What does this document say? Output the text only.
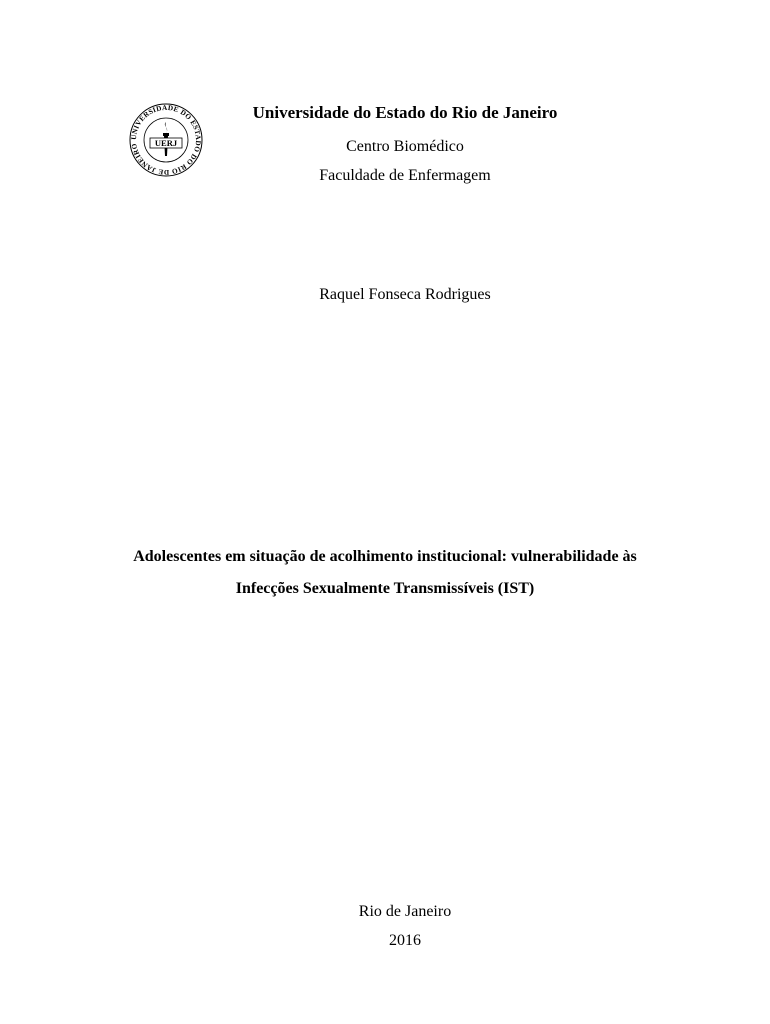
UNIVERSIDADE DO ESTADO DO RIO DE JANEIRO	UERJ
Universidade do Estado do Rio de Janeiro
Centro Biomédico
Faculdade de Enfermagem
Raquel Fonseca Rodrigues
Adolescentes em situação de acolhimento institucional: vulnerabilidade às
Infecções Sexualmente Transmissíveis (IST)
Rio de Janeiro
2016
